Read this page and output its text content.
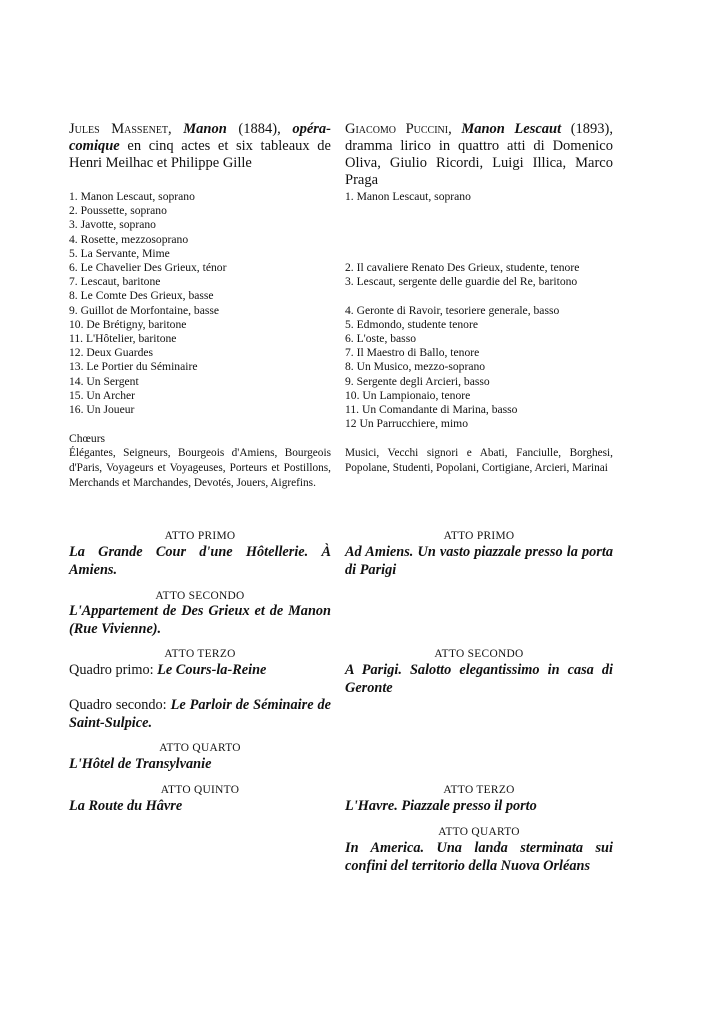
Jules Massenet, Manon (1884), opéra-comique en cinq actes et six tableaux de Henri Meilhac et Philippe Gille

1. Manon Lescaut, soprano
2. Poussette, soprano
3. Javotte, soprano
4. Rosette, mezzosoprano
5. La Servante, Mime
6. Le Chavelier Des Grieux, ténor
7. Lescaut, baritone
8. Le Comte Des Grieux, basse
9. Guillot de Morfontaine, basse
10. De Brétigny, baritone
11. L'Hôtelier, baritone
12. Deux Guardes
13. Le Portier du Séminaire
14. Un Sergent
15. Un Archer
16. Un Joueur
Chœurs

Élégantes, Seigneurs, Bourgeois d'Amiens, Bourgeois d'Paris, Voyageurs et Voyageuses, Porteurs et Postillons, Merchands et Marchandes, Devotés, Jouers, Aigrefins.

ATTO PRIMO

La Grande Cour d'une Hôtellerie. À Amiens.

ATTO SECONDO

L'Appartement de Des Grieux et de Manon (Rue Vivienne).

ATTO TERZO

Quadro primo: Le Cours-la-Reine

Quadro secondo: Le Parloir de Séminaire de Saint-Sulpice.

ATTO QUARTO

L'Hôtel de Transylvanie

ATTO QUINTO

La Route du Hâvre

Giacomo Puccini, Manon Lescaut (1893), dramma lirico in quattro atti di Domenico Oliva, Giulio Ricordi, Luigi Illica, Marco Praga

1. Manon Lescaut, soprano
2. Il cavaliere Renato Des Grieux, studente, tenore
3. Lescaut, sergente delle guardie del Re, baritono
4. Geronte di Ravoir, tesoriere generale, basso
5. Edmondo, studente tenore
6. L'oste, basso
7. Il Maestro di Ballo, tenore
8. Un Musico, mezzo-soprano
9. Sergente degli Arcieri, basso
10. Un Lampionaio, tenore
11. Un Comandante di Marina, basso
12 Un Parrucchiere, mimo

Musici, Vecchi signori e Abati, Fanciulle, Borghesi, Popolane, Studenti, Popolani, Cortigiane, Arcieri, Marinai

ATTO PRIMO

Ad Amiens. Un vasto piazzale presso la porta di Parigi

ATTO SECONDO

A Parigi. Salotto elegantissimo in casa di Geronte

ATTO TERZO

L'Havre. Piazzale presso il porto

ATTO QUARTO

In America. Una landa sterminata sui confini del territorio della Nuova Orléans
